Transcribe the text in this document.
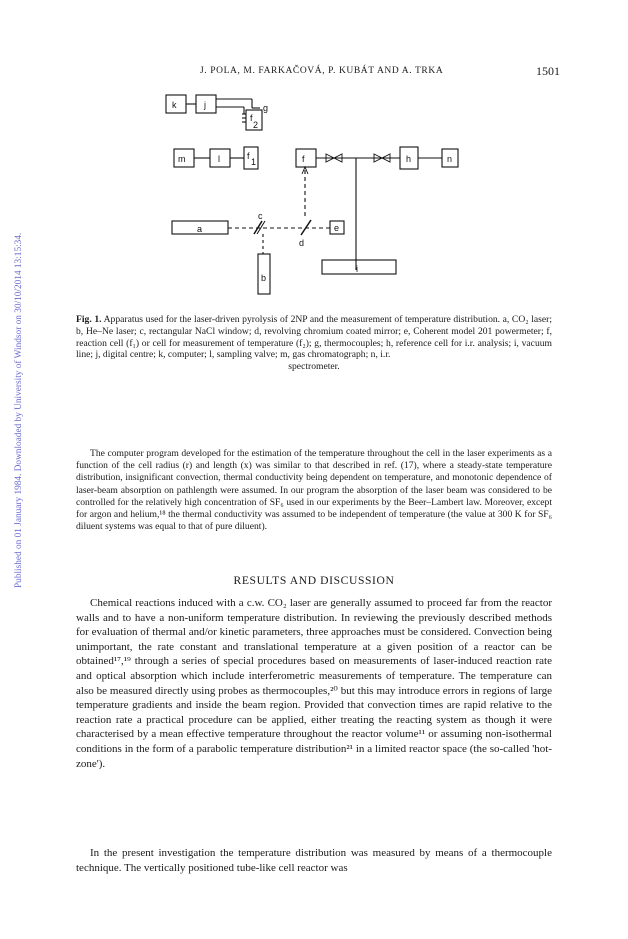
Published on 01 January 1984. Downloaded by University of Windsor on 30/10/2014 13:15:34.
J. POLA, M. FARKAČOVÁ, P. KUBÁT AND A. TRKA	1501
k	j
f
2
g
m	l	f
1	f	h	n
a
c
d
e
i
b
Fig. 1. Apparatus used for the laser-driven pyrolysis of 2NP and the measurement of temperature distribution. a, CO₂ laser; b, He–Ne laser; c, rectangular NaCl window; d, revolving chromium coated mirror; e, Coherent model 201 powermeter; f, reaction cell (f₁) or cell for measurement of temperature (f₂); g, thermocouples; h, reference cell for i.r. analysis; i, vacuum line; j, digital centre; k, computer; l, sampling valve; m, gas chromatograph; n, i.r.
spectrometer.
The computer program developed for the estimation of the temperature throughout the cell in the laser experiments as a function of the cell radius (r) and length (x) was similar to that described in ref. (17), where a steady-state temperature distribution, insignificant convection, thermal conductivity being dependent on temperature, and monotonic dependence of laser-beam absorption on pathlength were assumed. In our program the absorption of the laser beam was considered to be controlled for the relatively high concentration of SF₆ used in our experiments by the Beer–Lambert law. Moreover, except for argon and helium,¹⁸ the thermal conductivity was assumed to be independent of temperature (the value at 300 K for SF₆ diluent systems was equal to that of pure diluent).
RESULTS AND DISCUSSION
Chemical reactions induced with a c.w. CO₂ laser are generally assumed to proceed far from the reactor walls and to have a non-uniform temperature distribution. In reviewing the previously described methods for evaluation of thermal and/or kinetic parameters, three approaches must be considered. Convection being unimportant, the rate constant and translational temperature at a given position of a reactor can be obtained¹⁷,¹⁹ through a series of special procedures based on measurements of laser-induced reaction rate and optical absorption which include interferometric measurements of temperature. The temperature can also be measured directly using probes as thermocouples,²⁰ but this may introduce errors in regions of large temperature gradients and inside the beam region. Provided that convection times are rapid relative to the reaction rate a practical procedure can be applied, either treating the reacting system as though it were characterised by a mean effective temperature throughout the reactor volume¹¹ or assuming non-isothermal conditions in the form of a parabolic temperature distribution²¹ in a limited reactor space (the so-called 'hot-zone').
In the present investigation the temperature distribution was measured by means of a thermocouple technique. The vertically positioned tube-like cell reactor was
